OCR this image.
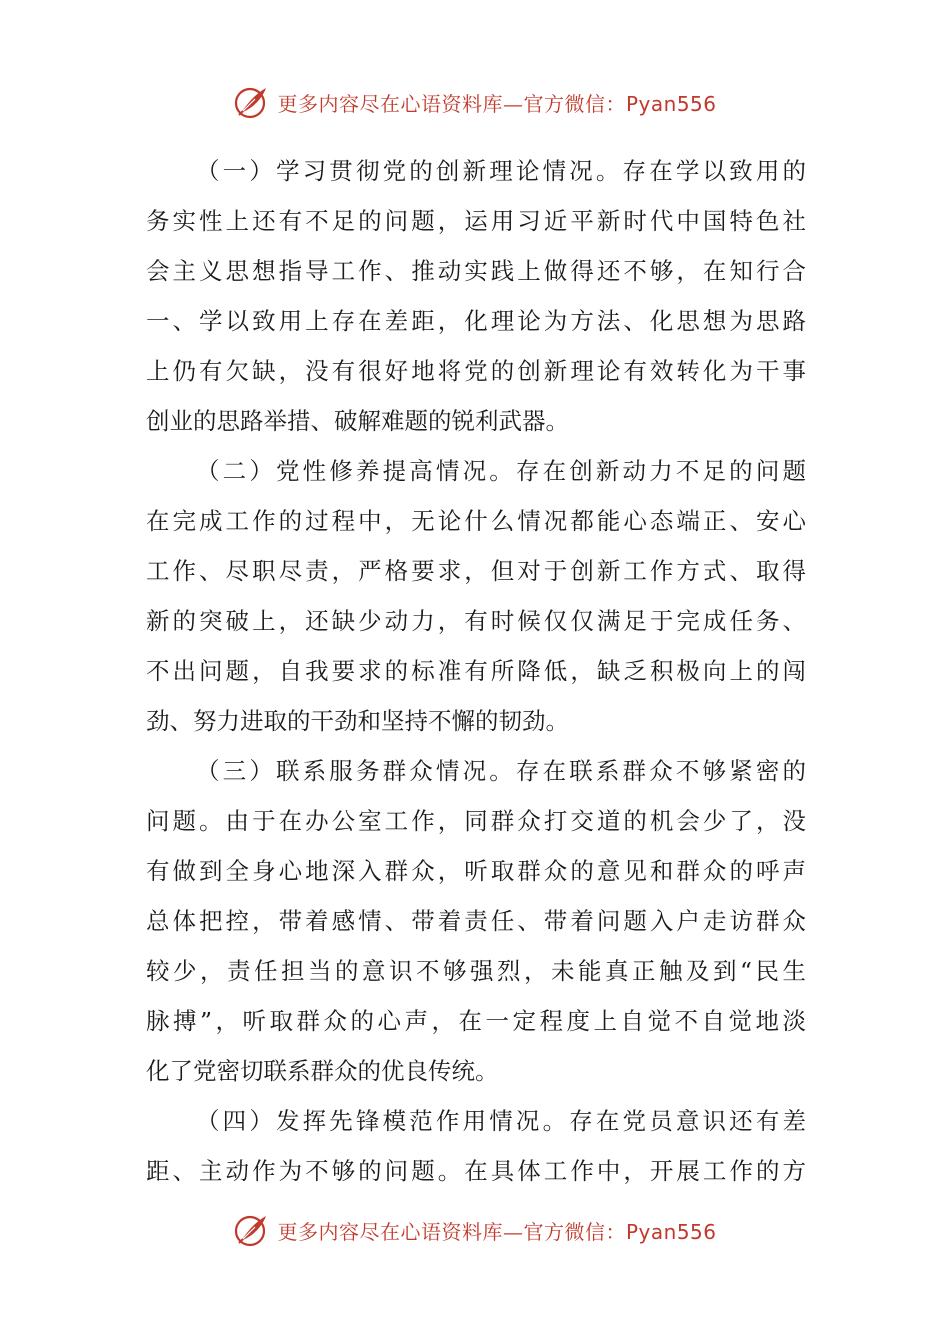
更多内容尽在心语资料库—官方微信：Pyan556
（一）学习贯彻党的创新理论情况。存在学以致用的
务实性上还有不足的问题，运用习近平新时代中国特色社
会主义思想指导工作、推动实践上做得还不够，在知行合
一、学以致用上存在差距，化理论为方法、化思想为思路
上仍有欠缺，没有很好地将党的创新理论有效转化为干事
创业的思路举措、破解难题的锐利武器。
（二）党性修养提高情况。存在创新动力不足的问题
在完成工作的过程中，无论什么情况都能心态端正、安心
工作、尽职尽责，严格要求，但对于创新工作方式、取得
新的突破上，还缺少动力，有时候仅仅满足于完成任务、
不出问题，自我要求的标准有所降低，缺乏积极向上的闯
劲、努力进取的干劲和坚持不懈的韧劲。
（三）联系服务群众情况。存在联系群众不够紧密的
问题。由于在办公室工作，同群众打交道的机会少了，没
有做到全身心地深入群众，听取群众的意见和群众的呼声
总体把控，带着感情、带着责任、带着问题入户走访群众
较少，责任担当的意识不够强烈，未能真正触及到“民生
脉搏”，听取群众的心声，在一定程度上自觉不自觉地淡
化了党密切联系群众的优良传统。
（四）发挥先锋模范作用情况。存在党员意识还有差
距、主动作为不够的问题。在具体工作中，开展工作的方
更多内容尽在心语资料库—官方微信：Pyan556
